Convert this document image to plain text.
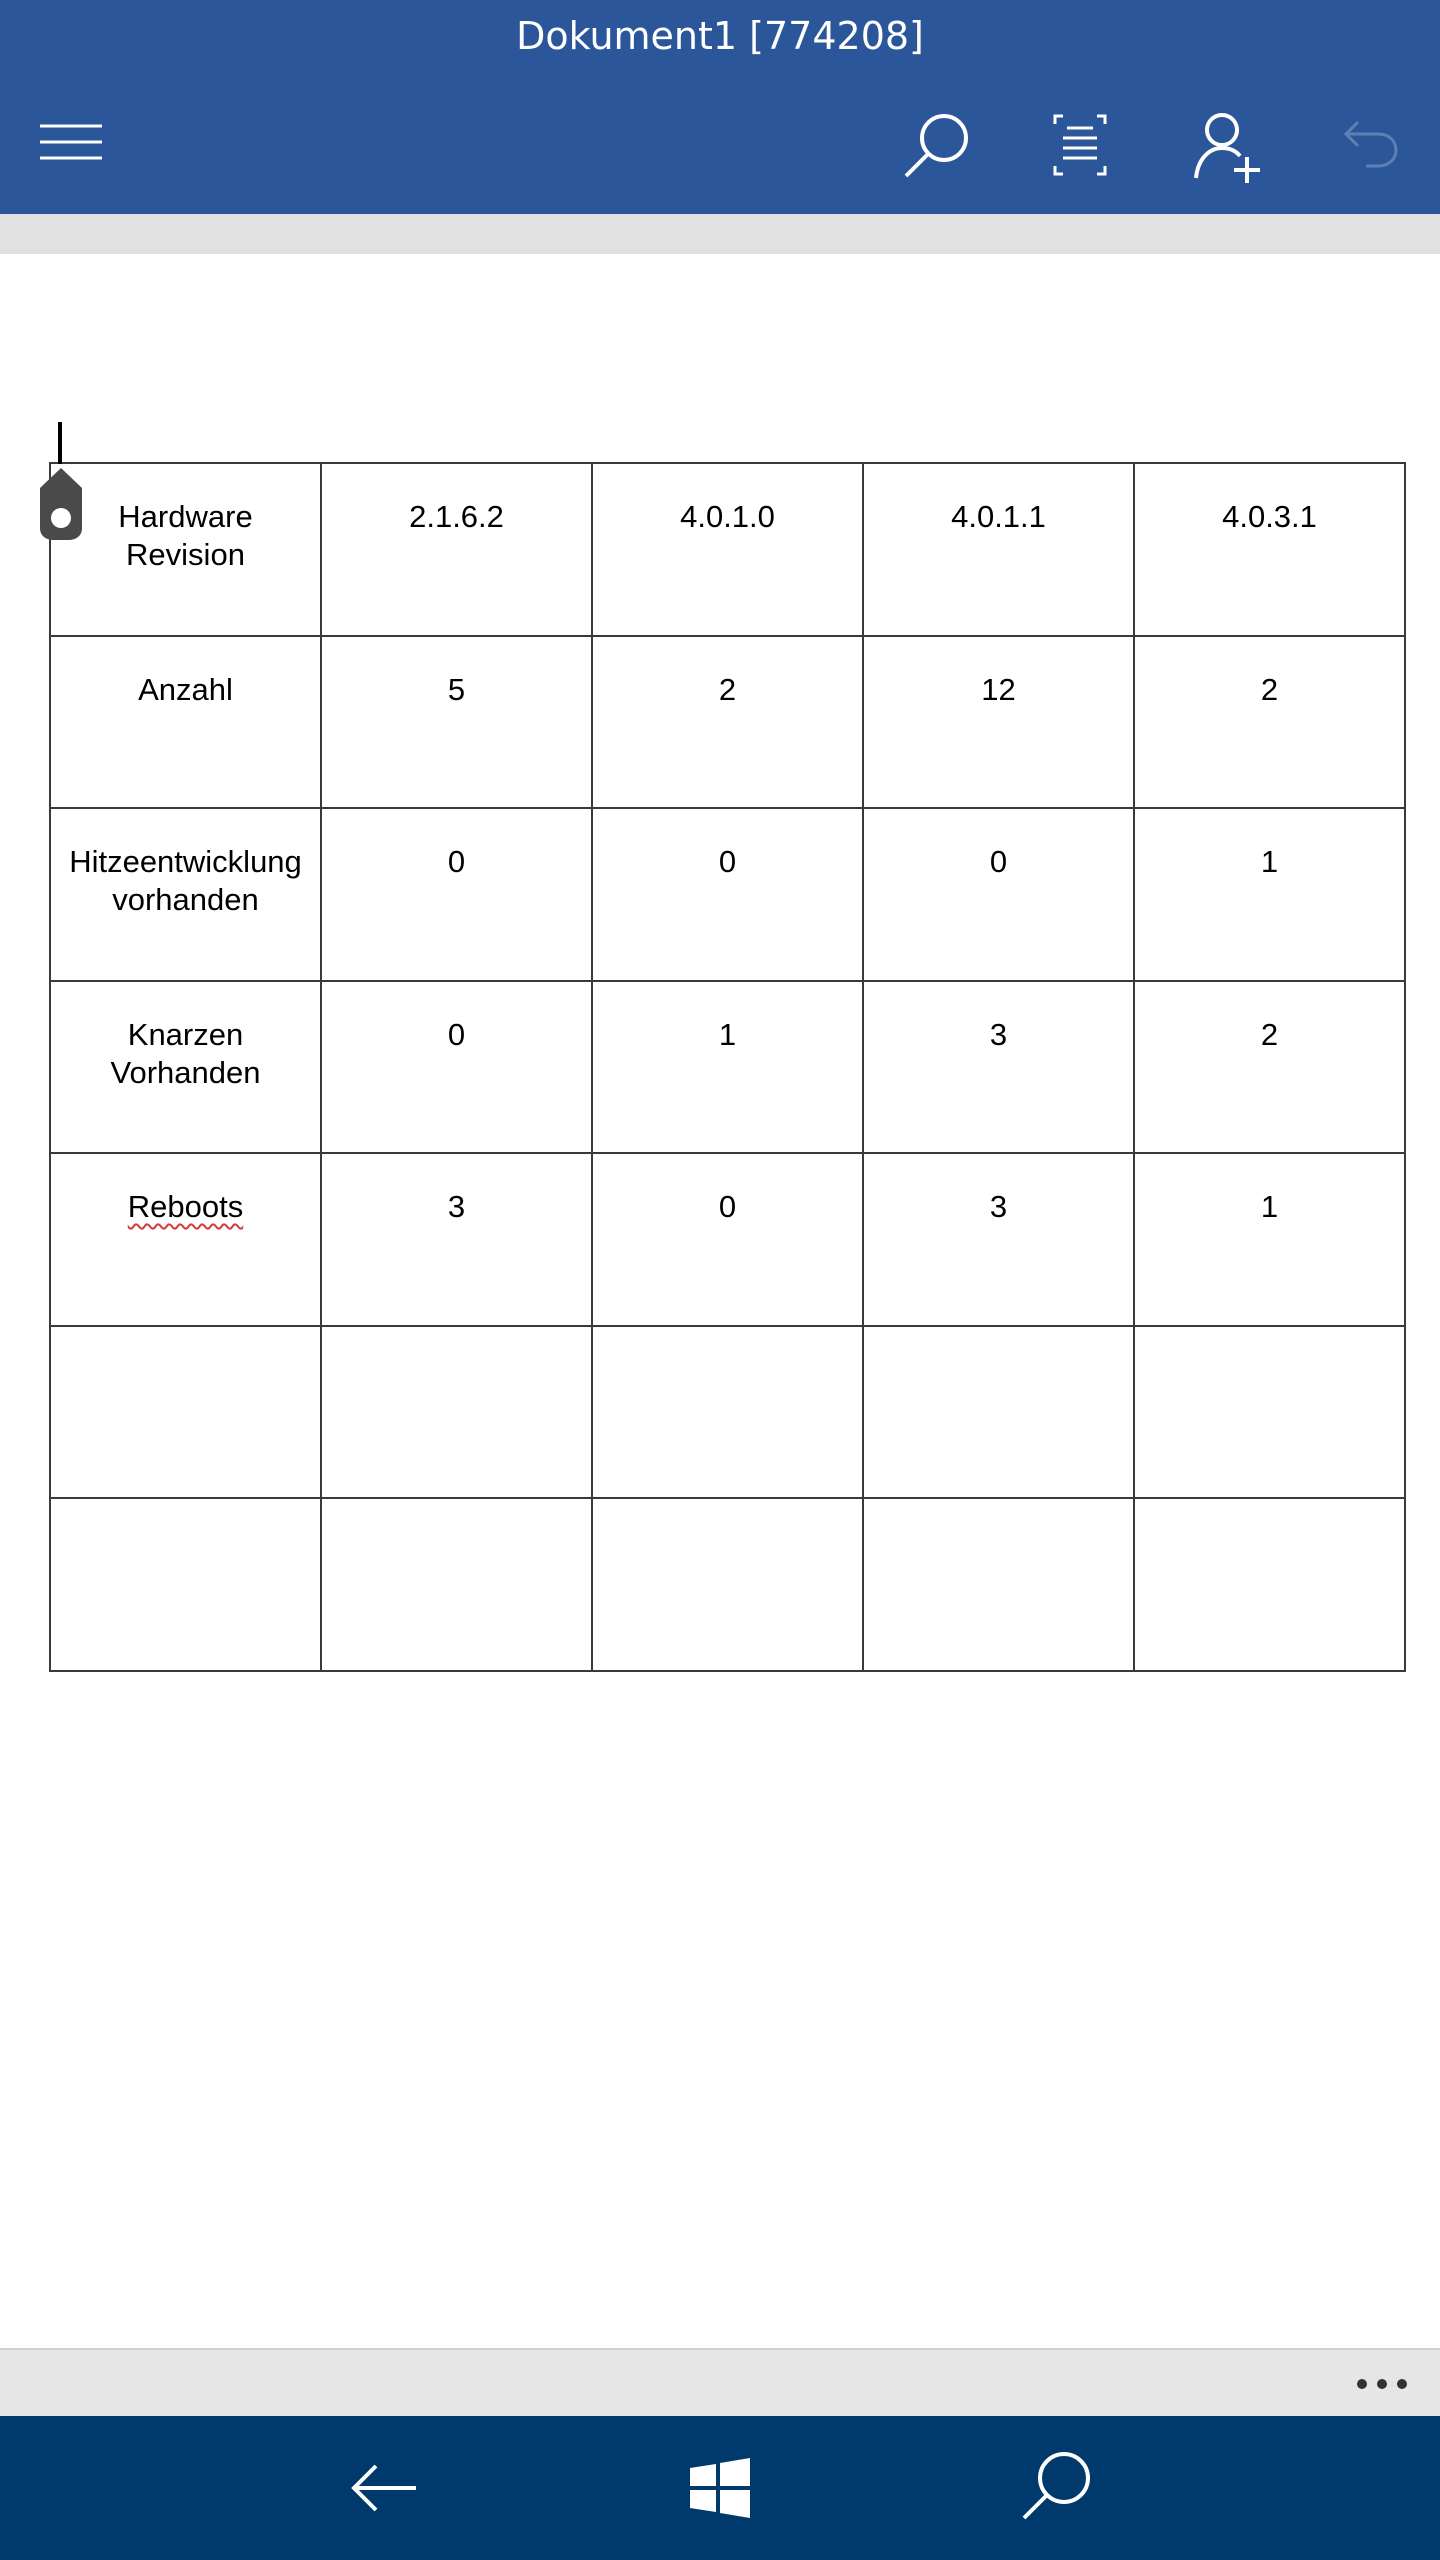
Dokument1 [774208]
Hardware
Revision	2.1.6.2	4.0.1.0	4.0.1.1	4.0.3.1
Anzahl	5	2	12	2
Hitzeentwicklung
vorhanden	0	0	0	1
Knarzen
Vorhanden	0	1	3	2
Reboots	3	0	3	1
